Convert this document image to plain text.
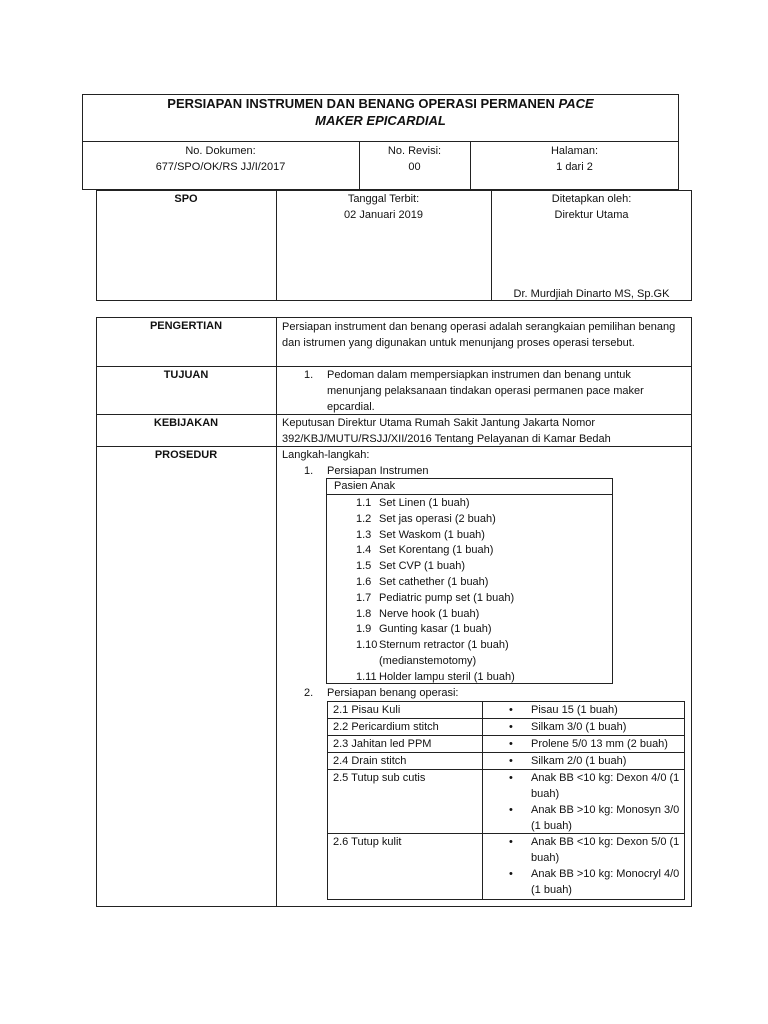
PERSIAPAN INSTRUMEN DAN BENANG OPERASI PERMANEN PACE
MAKER EPICARDIAL
No. Dokumen:
677/SPO/OK/RS JJ/I/2017
No. Revisi:
00
Halaman:
1 dari 2
SPO	Tanggal Terbit:
02 Januari 2019
Ditetapkan oleh:
Direktur Utama
Dr. Murdjiah Dinarto MS, Sp.GK
PENGERTIAN	Persiapan instrument dan benang operasi adalah serangkaian pemilihan benang dan istrumen yang digunakan untuk menunjang proses operasi tersebut.
TUJUAN	1. Pedoman dalam mempersiapkan instrumen dan benang untuk menunjang pelaksanaan tindakan operasi permanen pace maker epcardial.
KEBIJAKAN	Keputusan Direktur Utama Rumah Sakit Jantung Jakarta Nomor 392/KBJ/MUTU/RSJJ/XII/2016 Tentang Pelayanan di Kamar Bedah
PROSEDUR	Langkah-langkah:
1. Persiapan Instrumen
Pasien Anak
1.1 Set Linen (1 buah)
1.2 Set jas operasi (2 buah)
1.3 Set Waskom (1 buah)
1.4 Set Korentang (1 buah)
1.5 Set CVP (1 buah)
1.6 Set cathether (1 buah)
1.7 Pediatric pump set (1 buah)
1.8 Nerve hook (1 buah)
1.9 Gunting kasar (1 buah)
1.10 Sternum retractor (1 buah)
(medianstemotomy)
1.11 Holder lampu steril (1 buah)
2. Persiapan benang operasi:
2.1 Pisau Kuli	• Pisau 15 (1 buah)
2.2 Pericardium stitch	• Silkam 3/0 (1 buah)
2.3 Jahitan led PPM	• Prolene 5/0 13 mm (2 buah)
2.4 Drain stitch	• Silkam 2/0 (1 buah)
2.5 Tutup sub cutis	• Anak BB <10 kg: Dexon 4/0 (1 buah)
• Anak BB >10 kg: Monosyn 3/0 (1 buah)
2.6 Tutup kulit	• Anak BB <10 kg: Dexon 5/0 (1 buah)
• Anak BB >10 kg: Monocryl 4/0 (1 buah)
